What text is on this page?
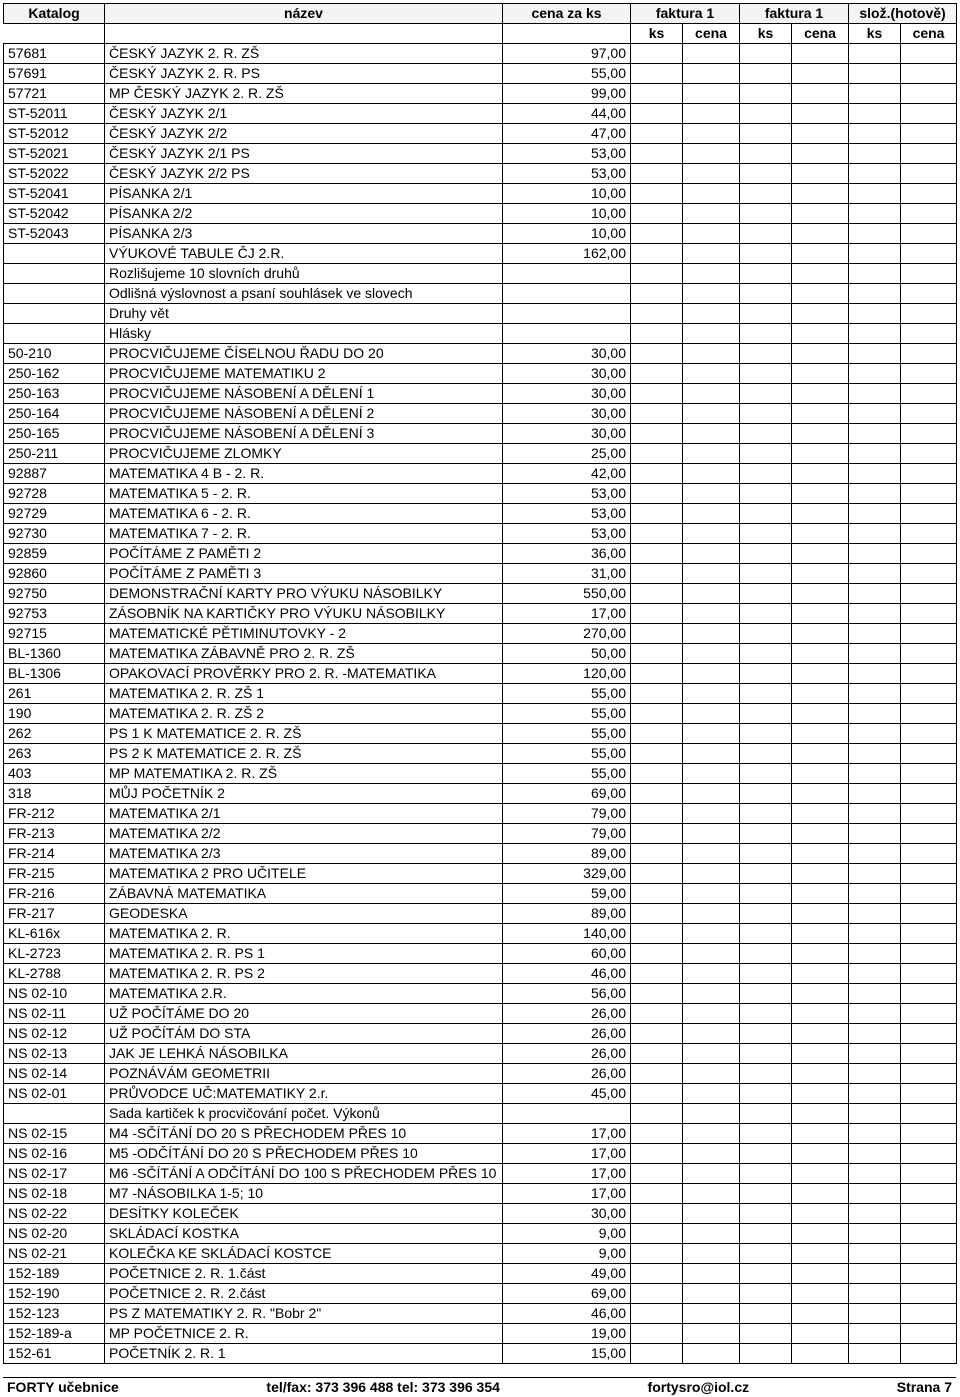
Katalog	název	cena za ks	faktura 1		faktura 1		slož.(hotově)	
			ks	cena	ks	cena	ks	cena
57681	ČESKÝ JAZYK 2. R. ZŠ	97,00						
57691	ČESKÝ JAZYK 2. R. PS	55,00						
57721	MP ČESKÝ JAZYK 2. R. ZŠ	99,00						
ST-52011	ČESKÝ JAZYK 2/1	44,00						
ST-52012	ČESKÝ JAZYK 2/2	47,00						
ST-52021	ČESKÝ JAZYK 2/1 PS	53,00						
ST-52022	ČESKÝ JAZYK 2/2 PS	53,00						
ST-52041	PÍSANKA 2/1	10,00						
ST-52042	PÍSANKA 2/2	10,00						
ST-52043	PÍSANKA 2/3	10,00						
	VÝUKOVÉ TABULE ČJ 2.R.	162,00						
	Rozlišujeme 10 slovních druhů							
	Odlišná výslovnost a psaní souhlásek ve slovech							
	Druhy vět							
	Hlásky							
50-210	PROCVIČUJEME ČÍSELNOU ŘADU DO 20	30,00						
250-162	PROCVIČUJEME MATEMATIKU 2	30,00						
250-163	PROCVIČUJEME NÁSOBENÍ A DĚLENÍ 1	30,00						
250-164	PROCVIČUJEME NÁSOBENÍ A DĚLENÍ 2	30,00						
250-165	PROCVIČUJEME NÁSOBENÍ A DĚLENÍ 3	30,00						
250-211	PROCVIČUJEME ZLOMKY	25,00						
92887	MATEMATIKA 4 B - 2. R.	42,00						
92728	MATEMATIKA 5 - 2. R.	53,00						
92729	MATEMATIKA 6 - 2. R.	53,00						
92730	MATEMATIKA 7 - 2. R.	53,00						
92859	POČÍTÁME Z PAMĚTI 2	36,00						
92860	POČÍTÁME Z PAMĚTI 3	31,00						
92750	DEMONSTRAČNÍ KARTY PRO VÝUKU NÁSOBILKY	550,00						
92753	ZÁSOBNÍK NA KARTIČKY PRO VÝUKU NÁSOBILKY	17,00						
92715	MATEMATICKÉ PĚTIMINUTOVKY - 2	270,00						
BL-1360	MATEMATIKA ZÁBAVNĚ PRO 2. R. ZŠ	50,00						
BL-1306	OPAKOVACÍ PROVĚRKY PRO 2. R. -MATEMATIKA	120,00						
261	MATEMATIKA 2. R. ZŠ 1	55,00						
190	MATEMATIKA 2. R. ZŠ 2	55,00						
262	PS 1 K MATEMATICE 2. R. ZŠ	55,00						
263	PS 2 K MATEMATICE 2. R. ZŠ	55,00						
403	MP MATEMATIKA 2. R. ZŠ	55,00						
318	MŮJ POČETNÍK 2	69,00						
FR-212	MATEMATIKA 2/1	79,00						
FR-213	MATEMATIKA 2/2	79,00						
FR-214	MATEMATIKA 2/3	89,00						
FR-215	MATEMATIKA 2 PRO UČITELE	329,00						
FR-216	ZÁBAVNÁ MATEMATIKA	59,00						
FR-217	GEODESKA	89,00						
KL-616x	MATEMATIKA 2. R.	140,00						
KL-2723	MATEMATIKA 2. R. PS 1	60,00						
KL-2788	MATEMATIKA 2. R. PS 2	46,00						
NS 02-10	MATEMATIKA 2.R.	56,00						
NS 02-11	UŽ POČÍTÁME DO 20	26,00						
NS 02-12	UŽ POČÍTÁM DO STA	26,00						
NS 02-13	JAK JE LEHKÁ NÁSOBILKA	26,00						
NS 02-14	POZNÁVÁM GEOMETRII	26,00						
NS 02-01	PRŮVODCE UČ:MATEMATIKY 2.r.	45,00						
	Sada kartiček k procvičování počet. Výkonů							
NS 02-15	M4 -SČÍTÁNÍ DO 20 S PŘECHODEM PŘES 10	17,00						
NS 02-16	M5 -ODČÍTÁNÍ DO 20 S PŘECHODEM PŘES 10	17,00						
NS 02-17	M6 -SČÍTÁNÍ A ODČÍTÁNÍ DO 100 S PŘECHODEM PŘES 10	17,00						
NS 02-18	M7 -NÁSOBILKA 1-5; 10	17,00						
NS 02-22	DESÍTKY KOLEČEK	30,00						
NS 02-20	SKLÁDACÍ KOSTKA	9,00						
NS 02-21	KOLEČKA KE SKLÁDACÍ KOSTCE	9,00						
152-189	POČETNICE 2. R. 1.část	49,00						
152-190	POČETNICE 2. R. 2.část	69,00						
152-123	PS Z MATEMATIKY 2. R. "Bobr 2"	46,00						
152-189-a	MP POČETNICE 2. R.	19,00						
152-61	POČETNÍK 2. R. 1	15,00						
FORTY učebnice	tel/fax: 373 396 488 tel: 373 396 354	fortysro@iol.cz	Strana 7
